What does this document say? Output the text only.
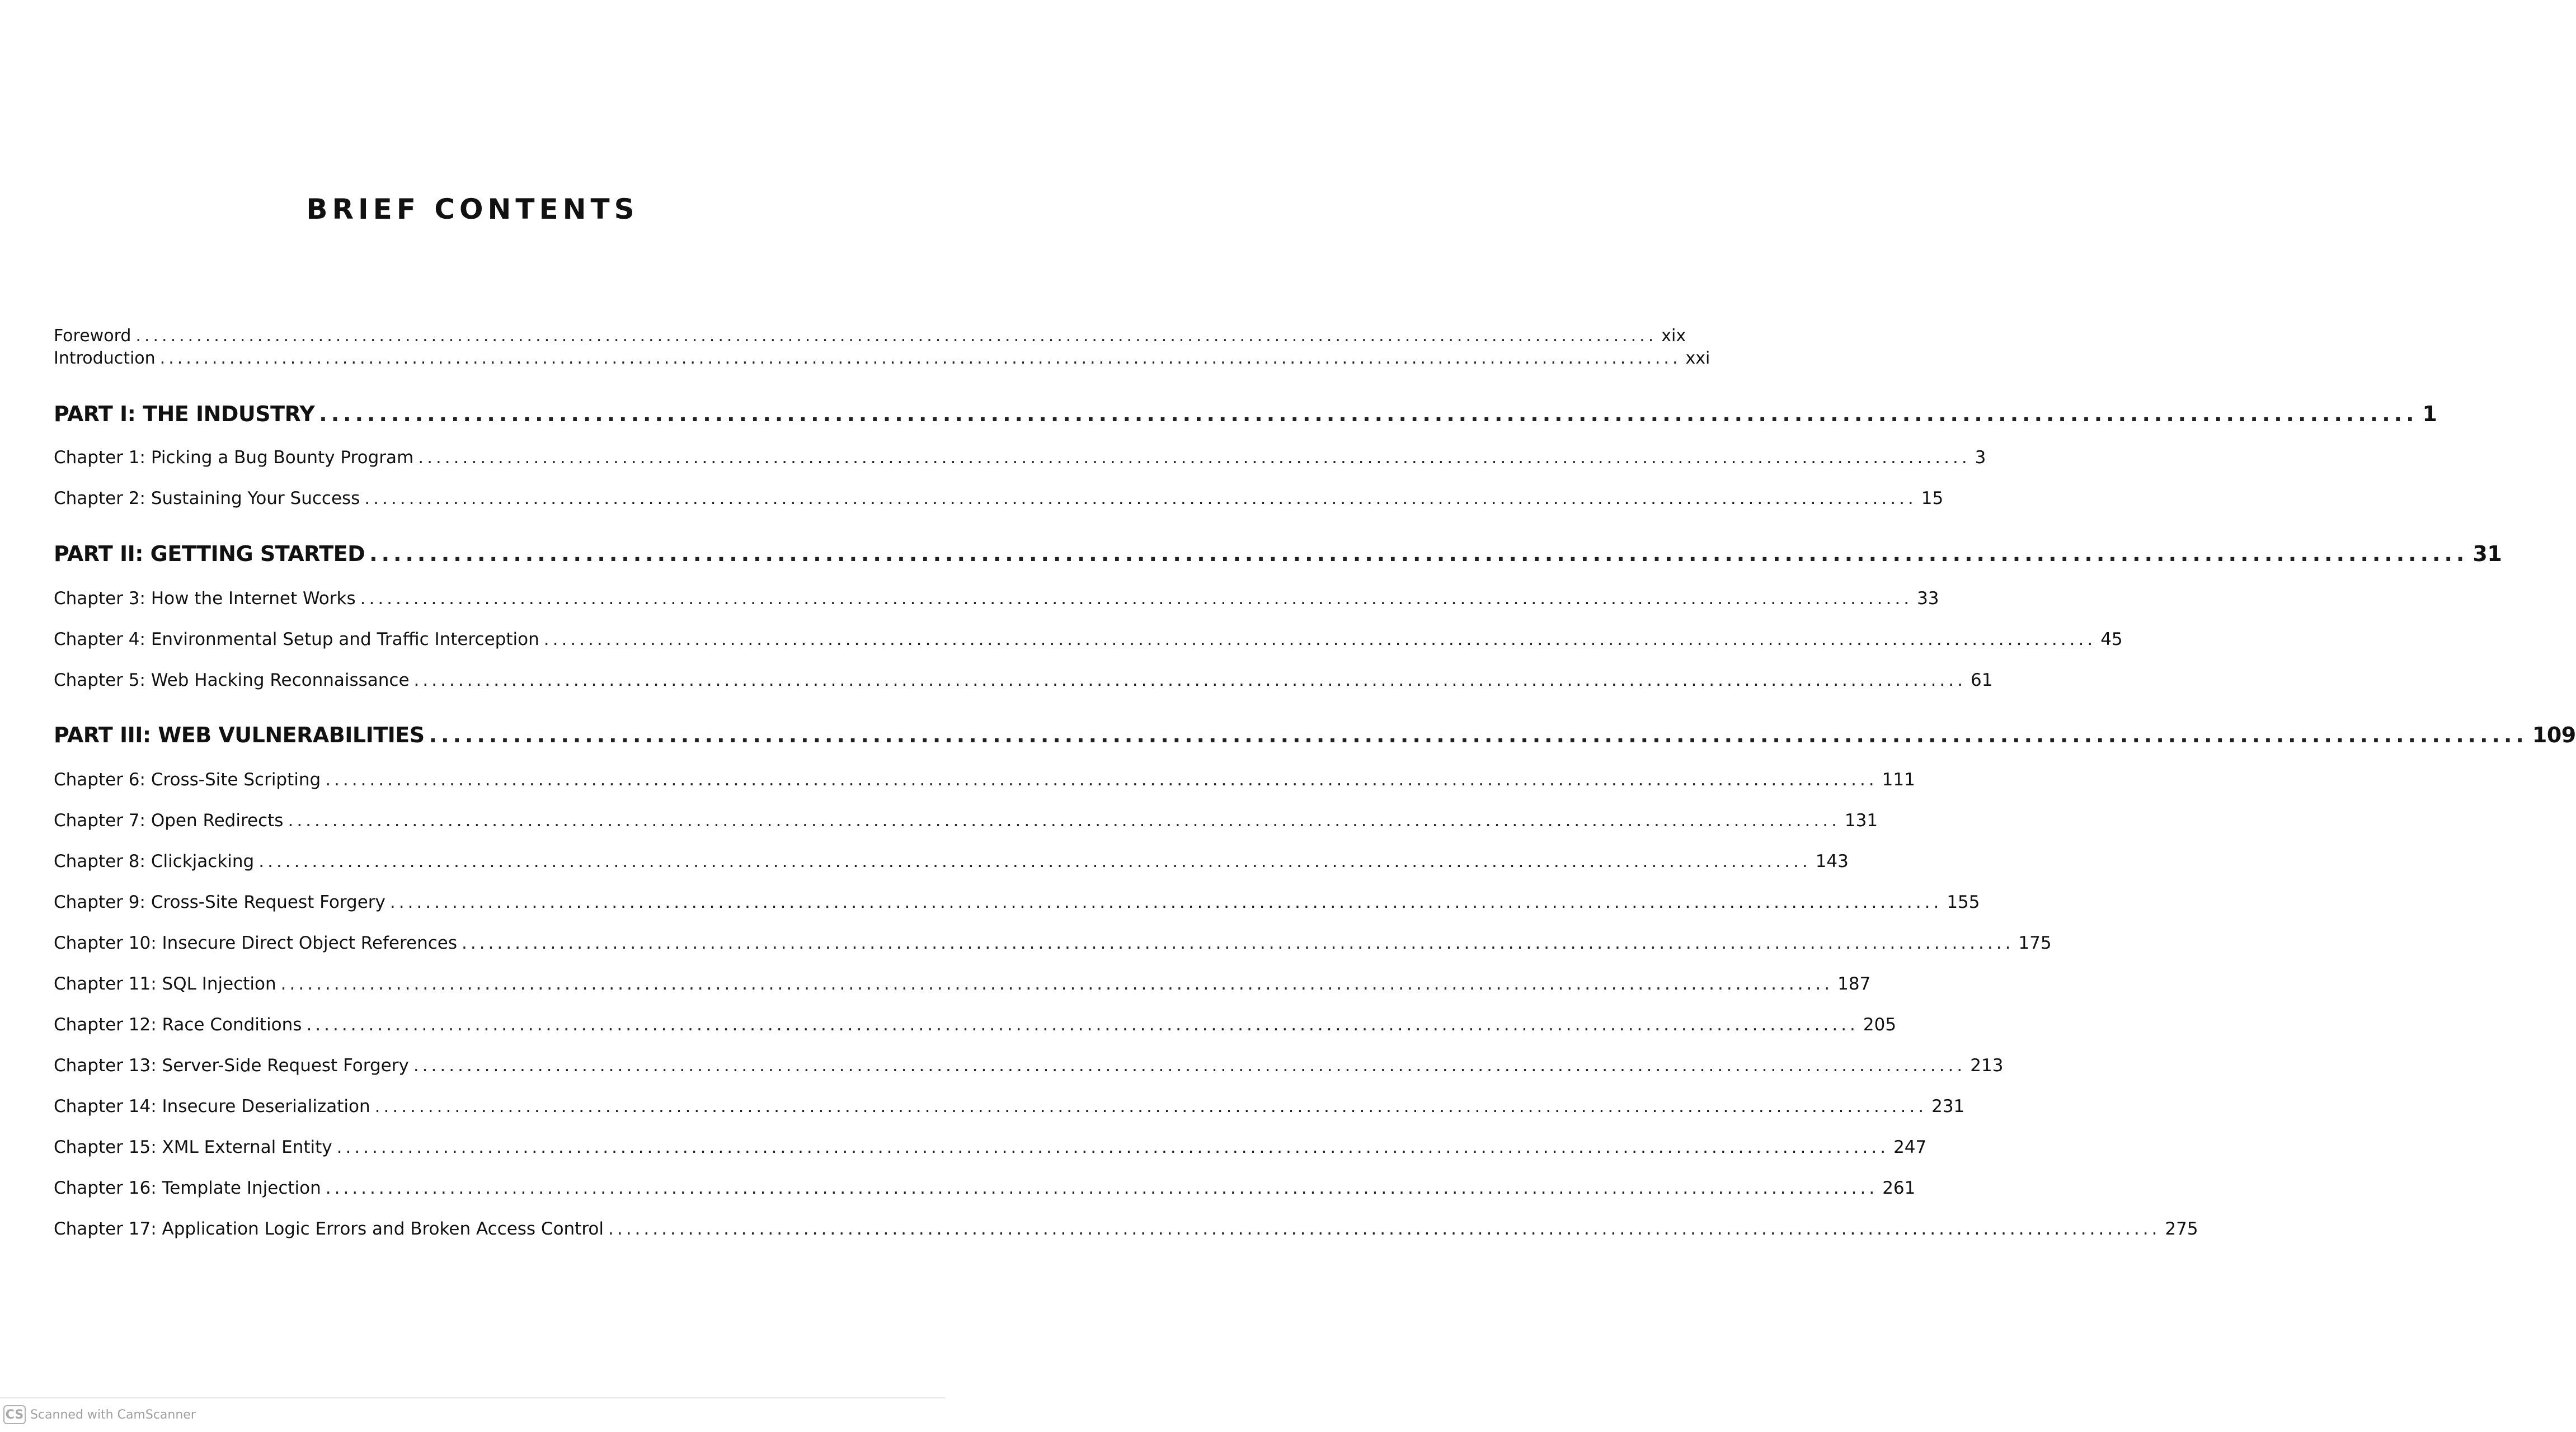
BRIEF CONTENTS
Foreword ............................................................................................................................................................................... xix
Introduction ............................................................................................................................................................................... xxi
PART I: THE INDUSTRY ............................................................................................................................................................................... 1
Chapter 1: Picking a Bug Bounty Program ............................................................................................................................................................................... 3
Chapter 2: Sustaining Your Success ............................................................................................................................................................................... 15
PART II: GETTING STARTED ............................................................................................................................................................................... 31
Chapter 3: How the Internet Works ............................................................................................................................................................................... 33
Chapter 4: Environmental Setup and Traffic Interception ............................................................................................................................................................................... 45
Chapter 5: Web Hacking Reconnaissance ............................................................................................................................................................................... 61
PART III: WEB VULNERABILITIES ............................................................................................................................................................................... 109
Chapter 6: Cross-Site Scripting ............................................................................................................................................................................... 111
Chapter 7: Open Redirects ............................................................................................................................................................................... 131
Chapter 8: Clickjacking ............................................................................................................................................................................... 143
Chapter 9: Cross-Site Request Forgery ............................................................................................................................................................................... 155
Chapter 10: Insecure Direct Object References ............................................................................................................................................................................... 175
Chapter 11: SQL Injection ............................................................................................................................................................................... 187
Chapter 12: Race Conditions ............................................................................................................................................................................... 205
Chapter 13: Server-Side Request Forgery ............................................................................................................................................................................... 213
Chapter 14: Insecure Deserialization ............................................................................................................................................................................... 231
Chapter 15: XML External Entity ............................................................................................................................................................................... 247
Chapter 16: Template Injection ............................................................................................................................................................................... 261
Chapter 17: Application Logic Errors and Broken Access Control ............................................................................................................................................................................... 275
CS Scanned with CamScanner
